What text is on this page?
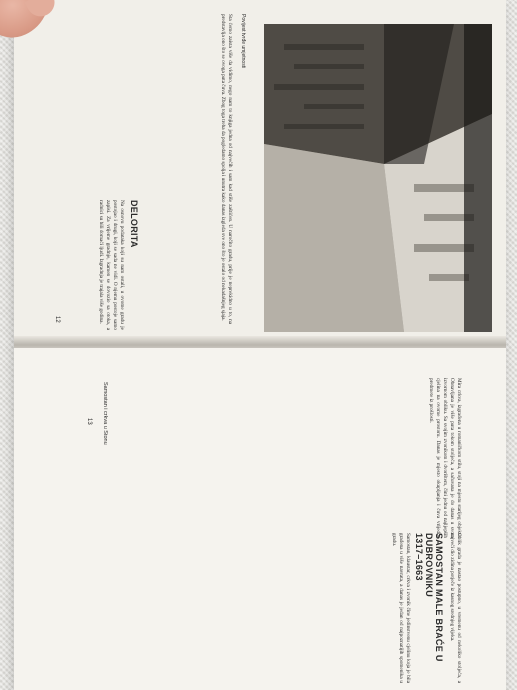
Povijest tvrđe umjetnosti

Sta ćemo zaista više da vidimo, nego nam to knjiga jedna od najvećih i sam kad stiše zaštićen. U naročito gradu, prije je neprekidno u to, na predstavlja ono što se ovoga puta čuva. Zbog toga treba da pogledamo spolja i unutra kako danas izgleda sve ono što je ostalo od nekadašnjeg sjaja.

DELORITA
Na osnovu podataka koji su nam ostali, u ovome gradu je postojao i drugi, koji se sada ne vidi. O njemu postoje samo zapisi. Za vrijeme gradnje, kamen se dovozio sa otoka, a radnici su bili domaći ljudi. Izgradnja je trajala više godina.
12
Samostan i crkva u Stonu
13	Mira crkva, izgrađena u romaničkom stilu, stoji na mjestu starijeg objekta. Obnavljana je više puta tokom stoljeća, a sačuvana je do danas u svom izvornom obliku. Sa svojim zvonikom i dvorištem, čini jednu od najljepših cjelina na ovome prostoru. Danas je mjesto okupljanja i čuva vrijedne predmete iz prošlosti.

Oblik grada je nastao postupno, u vremenu od nekoliko stoljeća, a najveći dio zidina potječe iz kasnog srednjeg vijeka.
SAMOSTAN MALE BRAĆE U DUBROVNIKU
1317–1663
Samostan, klaustar, crkva i zvonik čine jedinstvenu cjelinu koja je bila građena u više navrata, a danas je jedan od najpoznatijih spomenika u gradu.
